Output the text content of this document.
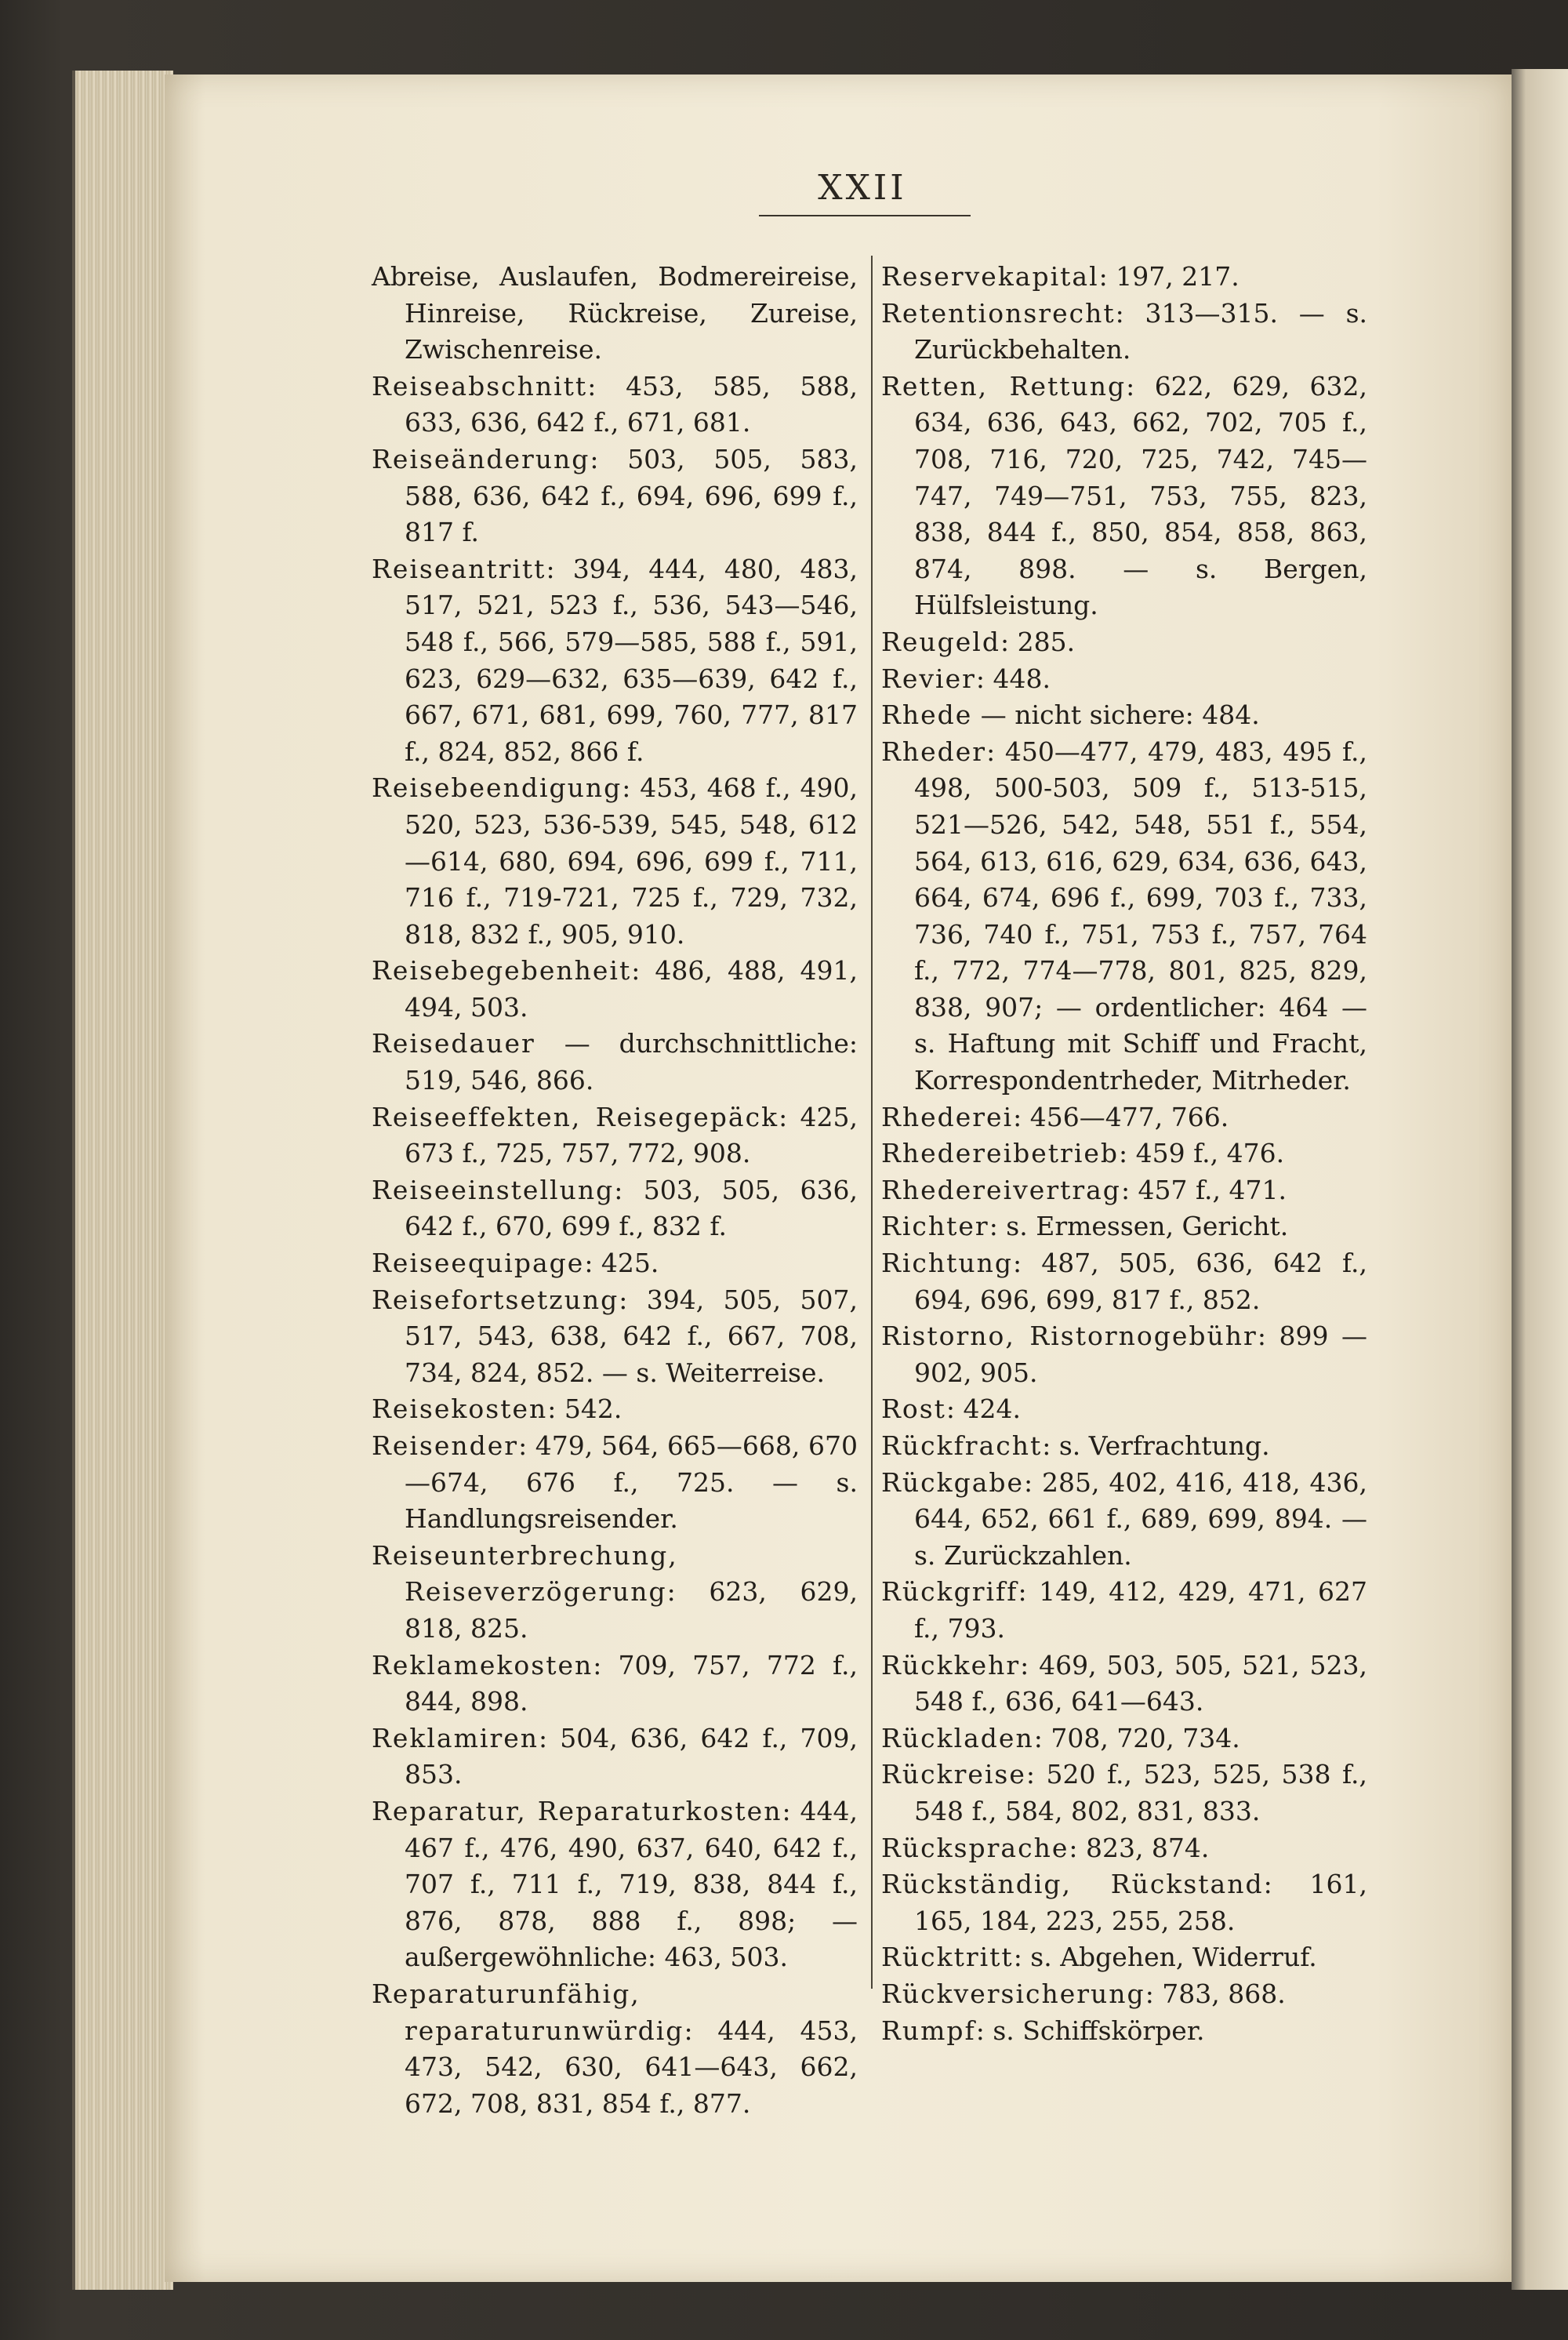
XXII
Abreise, Auslaufen, Bodmereireise, Hinreise, Rückreise, Zureise, Zwischenreise.
Reiseabschnitt: 453, 585, 588, 633, 636, 642 f., 671, 681.
Reiseänderung: 503, 505, 583, 588, 636, 642 f., 694, 696, 699 f., 817 f.
Reiseantritt: 394, 444, 480, 483, 517, 521, 523 f., 536, 543—546, 548 f., 566, 579—585, 588 f., 591, 623, 629—632, 635—639, 642 f., 667, 671, 681, 699, 760, 777, 817 f., 824, 852, 866 f.
Reisebeendigung: 453, 468 f., 490, 520, 523, 536-539, 545, 548, 612—614, 680, 694, 696, 699 f., 711, 716 f., 719-721, 725 f., 729, 732, 818, 832 f., 905, 910.
Reisebegebenheit: 486, 488, 491, 494, 503.
Reisedauer — durchschnittliche: 519, 546, 866.
Reiseeffekten, Reisegepäck: 425, 673 f., 725, 757, 772, 908.
Reiseeinstellung: 503, 505, 636, 642 f., 670, 699 f., 832 f.
Reiseequipage: 425.
Reisefortsetzung: 394, 505, 507, 517, 543, 638, 642 f., 667, 708, 734, 824, 852. — s. Weiterreise.
Reisekosten: 542.
Reisender: 479, 564, 665—668, 670—674, 676 f., 725. — s. Handlungsreisender.
Reiseunterbrechung, Reiseverzögerung: 623, 629, 818, 825.
Reklamekosten: 709, 757, 772 f., 844, 898.
Reklamiren: 504, 636, 642 f., 709, 853.
Reparatur, Reparaturkosten: 444, 467 f., 476, 490, 637, 640, 642 f., 707 f., 711 f., 719, 838, 844 f., 876, 878, 888 f., 898; — außergewöhnliche: 463, 503.
Reparaturunfähig, reparaturunwürdig: 444, 453, 473, 542, 630, 641—643, 662, 672, 708, 831, 854 f., 877.
Reservekapital: 197, 217.
Retentionsrecht: 313—315. — s. Zurückbehalten.
Retten, Rettung: 622, 629, 632, 634, 636, 643, 662, 702, 705 f., 708, 716, 720, 725, 742, 745—747, 749—751, 753, 755, 823, 838, 844 f., 850, 854, 858, 863, 874, 898. — s. Bergen, Hülfsleistung.
Reugeld: 285.
Revier: 448.
Rhede — nicht sichere: 484.
Rheder: 450—477, 479, 483, 495 f., 498, 500-503, 509 f., 513-515, 521—526, 542, 548, 551 f., 554, 564, 613, 616, 629, 634, 636, 643, 664, 674, 696 f., 699, 703 f., 733, 736, 740 f., 751, 753 f., 757, 764 f., 772, 774—778, 801, 825, 829, 838, 907; — ordentlicher: 464 — s. Haftung mit Schiff und Fracht, Korrespondentrheder, Mitrheder.
Rhederei: 456—477, 766.
Rhedereibetrieb: 459 f., 476.
Rhedereivertrag: 457 f., 471.
Richter: s. Ermessen, Gericht.
Richtung: 487, 505, 636, 642 f., 694, 696, 699, 817 f., 852.
Ristorno, Ristornogebühr: 899 —902, 905.
Rost: 424.
Rückfracht: s. Verfrachtung.
Rückgabe: 285, 402, 416, 418, 436, 644, 652, 661 f., 689, 699, 894. — s. Zurückzahlen.
Rückgriff: 149, 412, 429, 471, 627 f., 793.
Rückkehr: 469, 503, 505, 521, 523, 548 f., 636, 641—643.
Rückladen: 708, 720, 734.
Rückreise: 520 f., 523, 525, 538 f., 548 f., 584, 802, 831, 833.
Rücksprache: 823, 874.
Rückständig, Rückstand: 161, 165, 184, 223, 255, 258.
Rücktritt: s. Abgehen, Widerruf.
Rückversicherung: 783, 868.
Rumpf: s. Schiffskörper.
